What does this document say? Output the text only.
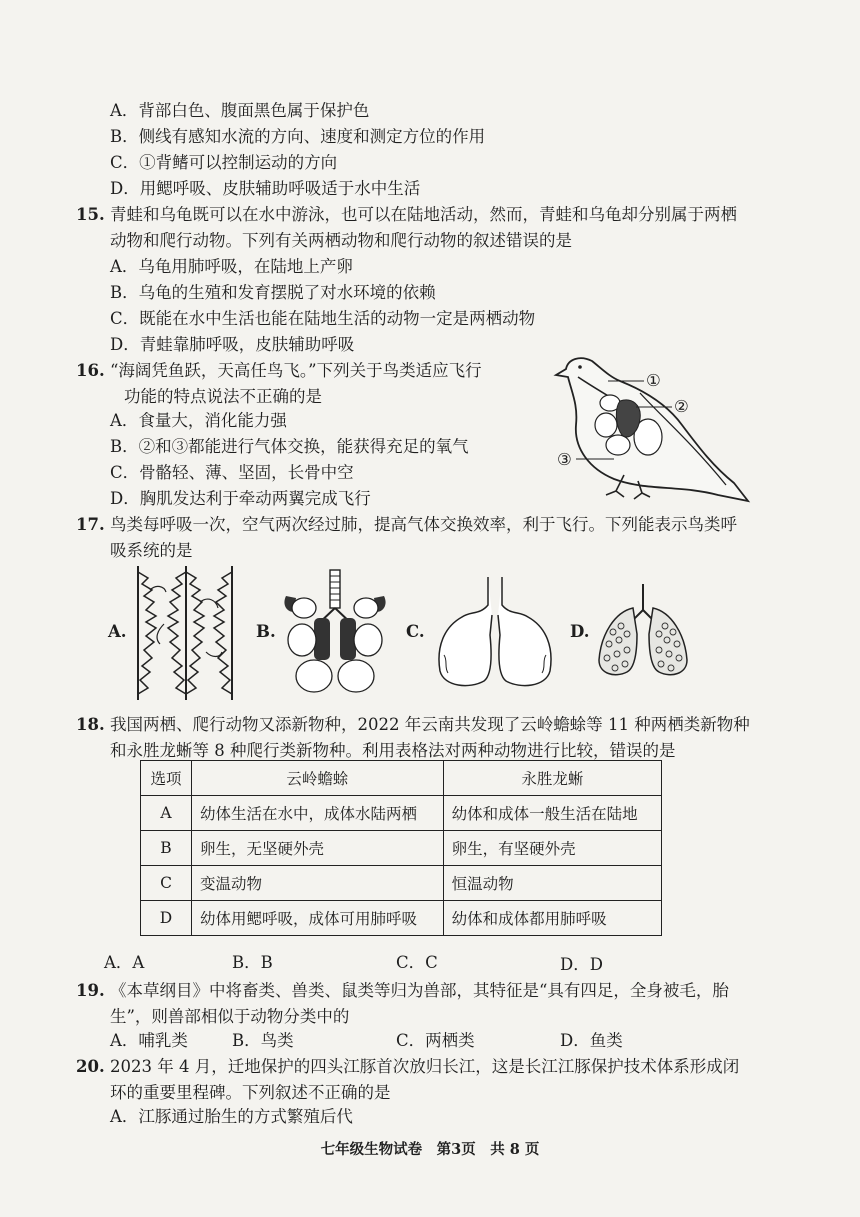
A．背部白色、腹面黑色属于保护色
B．侧线有感知水流的方向、速度和测定方位的作用
C．①背鳍可以控制运动的方向
D．用鳃呼吸、皮肤辅助呼吸适于水中生活
15. 青蛙和乌龟既可以在水中游泳，也可以在陆地活动，然而，青蛙和乌龟却分别属于两栖
动物和爬行动物。下列有关两栖动物和爬行动物的叙述错误的是
A．乌龟用肺呼吸，在陆地上产卵
B．乌龟的生殖和发育摆脱了对水环境的依赖
C．既能在水中生活也能在陆地生活的动物一定是两栖动物
D．青蛙靠肺呼吸，皮肤辅助呼吸
16. “海阔凭鱼跃，天高任鸟飞。”下列关于鸟类适应飞行
功能的特点说法不正确的是
A．食量大，消化能力强
B．②和③都能进行气体交换，能获得充足的氧气
C．骨骼轻、薄、坚固，长骨中空
D．胸肌发达利于牵动两翼完成飞行
①
②
③
17. 鸟类每呼吸一次，空气两次经过肺，提高气体交换效率，利于飞行。下列能表示鸟类呼
吸系统的是
A.	B.	C.	D.
18. 我国两栖、爬行动物又添新物种，2022 年云南共发现了云岭蟾蜍等 11 种两栖类新物种
和永胜龙蜥等 8 种爬行类新物种。利用表格法对两种动物进行比较，错误的是
选项	云岭蟾蜍	永胜龙蜥
A	幼体生活在水中，成体水陆两栖	幼体和成体一般生活在陆地
B	卵生，无坚硬外壳	卵生，有坚硬外壳
C	变温动物	恒温动物
D	幼体用鳃呼吸，成体可用肺呼吸	幼体和成体都用肺呼吸
A．A	B．B	C．C	D．D
19. 《本草纲目》中将畜类、兽类、鼠类等归为兽部，其特征是“具有四足，全身被毛，胎
生”，则兽部相似于动物分类中的
A．哺乳类	B．鸟类	C．两栖类	D．鱼类
20. 2023 年 4 月，迁地保护的四头江豚首次放归长江，这是长江江豚保护技术体系形成闭
环的重要里程碑。下列叙述不正确的是
A．江豚通过胎生的方式繁殖后代
七年级生物试卷　第3页　共 8 页
